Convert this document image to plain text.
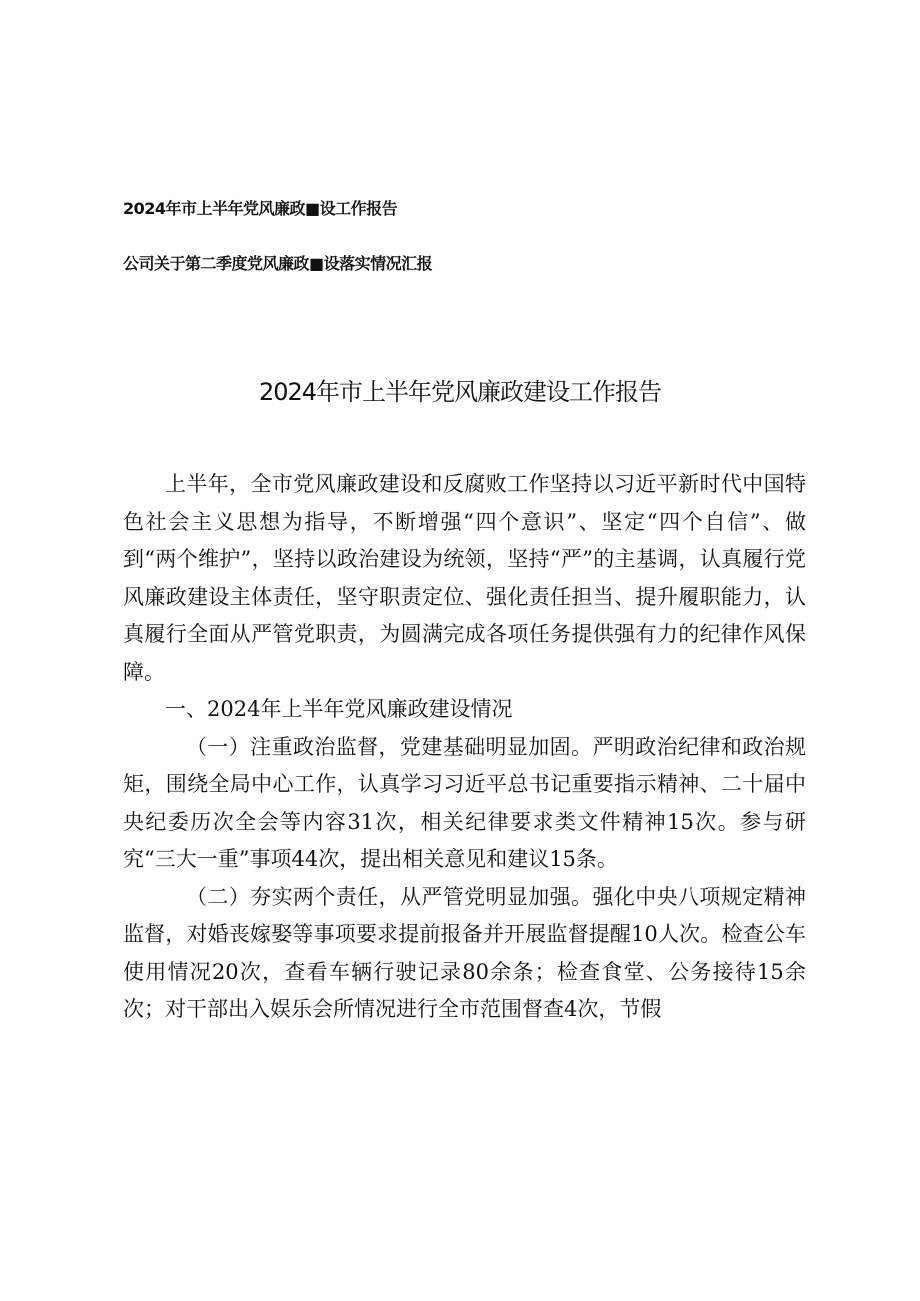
2024年市上半年党风廉政■设工作报告
公司关于第二季度党风廉政■设落实情况汇报
2024年市上半年党风廉政建设工作报告

上半年，全市党风廉政建设和反腐败工作坚持以习近平新时代中国特色社会主义思想为指导，不断增强“四个意识”、坚定“四个自信”、做到“两个维护”，坚持以政治建设为统领，坚持“严”的主基调，认真履行党风廉政建设主体责任，坚守职责定位、强化责任担当、提升履职能力，认真履行全面从严管党职责，为圆满完成各项任务提供强有力的纪律作风保障。

一、2024年上半年党风廉政建设情况

（一）注重政治监督，党建基础明显加固。严明政治纪律和政治规矩，围绕全局中心工作，认真学习习近平总书记重要指示精神、二十届中央纪委历次全会等内容31次，相关纪律要求类文件精神15次。参与研究“三大一重”事项44次，提出相关意见和建议15条。

（二）夯实两个责任，从严管党明显加强。强化中央八项规定精神监督，对婚丧嫁娶等事项要求提前报备并开展监督提醒10人次。检查公车使用情况20次，查看车辆行驶记录80余条；检查食堂、公务接待15余次；对干部出入娱乐会所情况进行全市范围督查4次，节假
